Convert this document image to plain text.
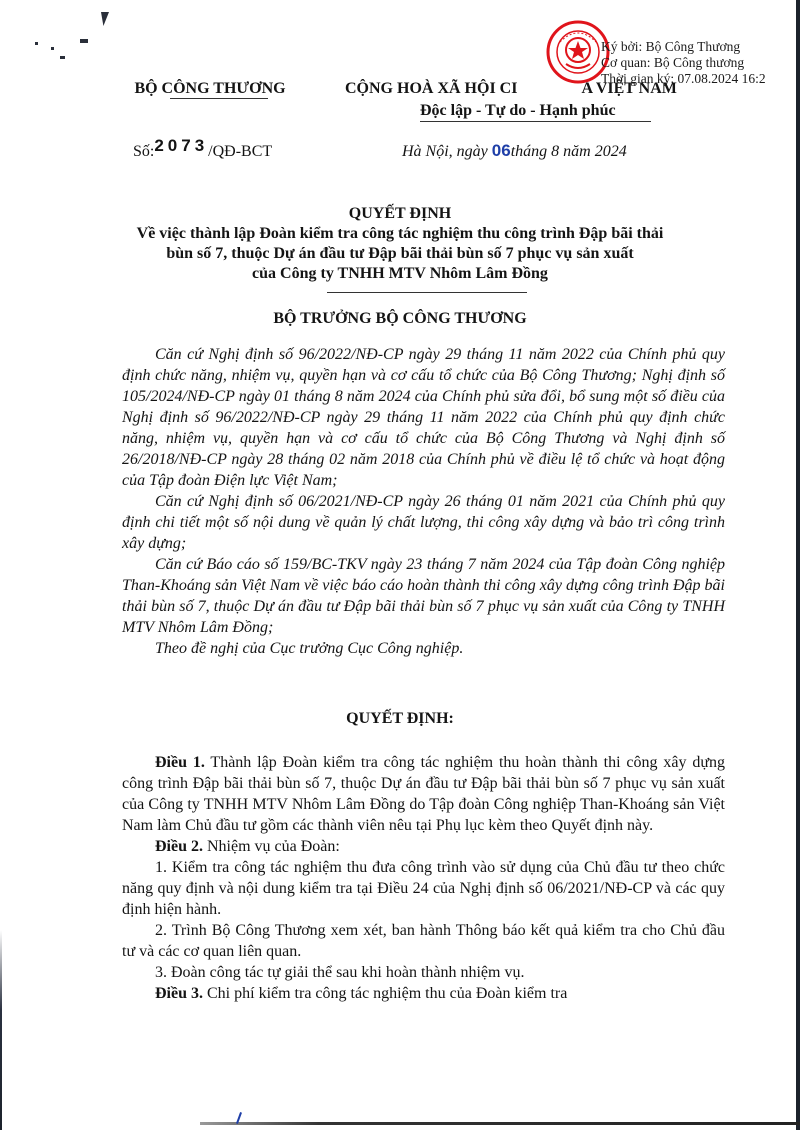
BỘ CÔNG THƯƠNG	CỘNG HOÀ XÃ HỘI CI	A VIỆT NAM
Độc lập - Tự do - Hạnh phúc
Số:2073/QĐ-BCT	Hà Nội, ngày 06tháng 8 năm 2024
Ký bởi: Bộ Công Thương
Cơ quan: Bộ Công thương
Thời gian ký: 07.08.2024 16:2
QUYẾT ĐỊNH
Về việc thành lập Đoàn kiểm tra công tác nghiệm thu công trình Đập bãi thải
bùn số 7, thuộc Dự án đầu tư Đập bãi thải bùn số 7 phục vụ sản xuất
của Công ty TNHH MTV Nhôm Lâm Đồng
BỘ TRƯỞNG BỘ CÔNG THƯƠNG

Căn cứ Nghị định số 96/2022/NĐ-CP ngày 29 tháng 11 năm 2022 của Chính phủ quy định chức năng, nhiệm vụ, quyền hạn và cơ cấu tổ chức của Bộ Công Thương; Nghị định số 105/2024/NĐ-CP ngày 01 tháng 8 năm 2024 của Chính phủ sửa đổi, bổ sung một số điều của Nghị định số 96/2022/NĐ-CP ngày 29 tháng 11 năm 2022 của Chính phủ quy định chức năng, nhiệm vụ, quyền hạn và cơ cấu tổ chức của Bộ Công Thương và Nghị định số 26/2018/NĐ-CP ngày 28 tháng 02 năm 2018 của Chính phủ về điều lệ tổ chức và hoạt động của Tập đoàn Điện lực Việt Nam;

Căn cứ Nghị định số 06/2021/NĐ-CP ngày 26 tháng 01 năm 2021 của Chính phủ quy định chi tiết một số nội dung về quản lý chất lượng, thi công xây dựng và bảo trì công trình xây dựng;

Căn cứ Báo cáo số 159/BC-TKV ngày 23 tháng 7 năm 2024 của Tập đoàn Công nghiệp Than-Khoáng sản Việt Nam về việc báo cáo hoàn thành thi công xây dựng công trình Đập bãi thải bùn số 7, thuộc Dự án đầu tư Đập bãi thải bùn số 7 phục vụ sản xuất của Công ty TNHH MTV Nhôm Lâm Đồng;

Theo đề nghị của Cục trưởng Cục Công nghiệp.

QUYẾT ĐỊNH:

Điều 1. Thành lập Đoàn kiểm tra công tác nghiệm thu hoàn thành thi công xây dựng công trình Đập bãi thải bùn số 7, thuộc Dự án đầu tư Đập bãi thải bùn số 7 phục vụ sản xuất của Công ty TNHH MTV Nhôm Lâm Đồng do Tập đoàn Công nghiệp Than-Khoáng sản Việt Nam làm Chủ đầu tư gồm các thành viên nêu tại Phụ lục kèm theo Quyết định này.

Điều 2. Nhiệm vụ của Đoàn:

1. Kiểm tra công tác nghiệm thu đưa công trình vào sử dụng của Chủ đầu tư theo chức năng quy định và nội dung kiểm tra tại Điều 24 của Nghị định số 06/2021/NĐ-CP và các quy định hiện hành.

2. Trình Bộ Công Thương xem xét, ban hành Thông báo kết quả kiểm tra cho Chủ đầu tư và các cơ quan liên quan.

3. Đoàn công tác tự giải thể sau khi hoàn thành nhiệm vụ.

Điều 3. Chi phí kiểm tra công tác nghiệm thu của Đoàn kiểm tra
